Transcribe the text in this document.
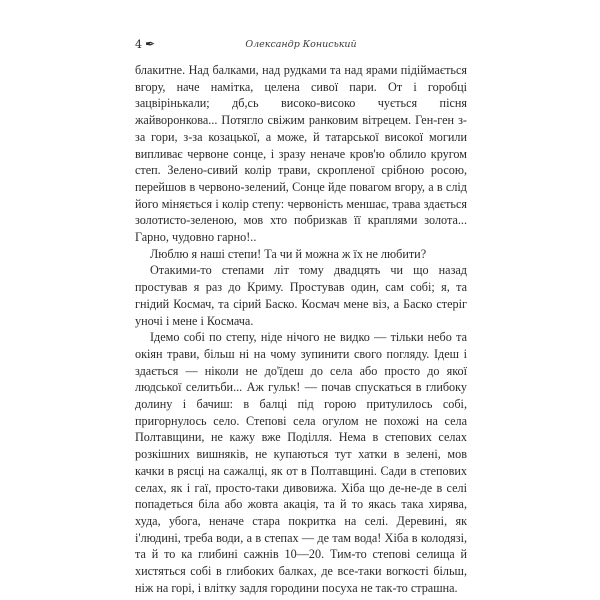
4 ✒	Олександр Кониський

блакитне. Над балками, над рудками та над ярами підіймається вгору, наче намітка, целена сивої пари. От і горобці зацвірінькали; дб,сь високо-високо чується пісня жайворонкова... Потягло свіжим ранковим вітрецем. Ген-ген з-за гори, з-за козацької, а може, й татарської високої могили випливає червоне сонце, і зразу неначе кров'ю облило кругом степ. Зелено-сивий колір трави, скропленої срібною росою, перейшов в червоно-зелений, Сонце йде повагом вгору, а в слід його міняється і колір степу: червоність меншає, трава здається золотисто-зеленою, мов хто побризкав її краплями золота... Гарно, чудовно гарно!..

Люблю я наші степи! Та чи й можна ж їх не любити?

Отакими-то степами літ тому двадцять чи що назад простував я раз до Криму. Простував один, сам собі; я, та гнідий Космач, та сірий Баско. Космач мене віз, а Баско стеріг уночі і мене і Космача.

Ідемо собі по степу, ніде нічого не видко — тільки небо та окіян трави, більш ні на чому зупинити свого погляду. Ідеш і здається — ніколи не до'їдеш до села або просто до якої людської селитьби... Аж гульк! — почав спускаться в глибоку долину і бачиш: в балці під горою притулилось собі, пригорнулось село. Степові села огулом не похожі на села Полтавщини, не кажу вже Поділля. Нема в степових селах розкішних вишняків, не купаються тут хатки в зелені, мов качки в рясці на сажалці, як от в Полтавщині. Сади в степових селах, як і гаї, просто-таки дивовижа. Хіба що де-не-де в селі попадеться біла або жовта акація, та й то якась така хирява, худа, убога, неначе стара покритка на селі. Деревині, як і'людині, треба води, а в степах — де там вода! Хіба в колодязі, та й то ка глибині сажнів 10—20. Тим-то степові селища й хистяться собі в глибоких балках, де все-таки вогкості більш, ніж на горі, і влітку задля городини посуха не так-то страшна.
